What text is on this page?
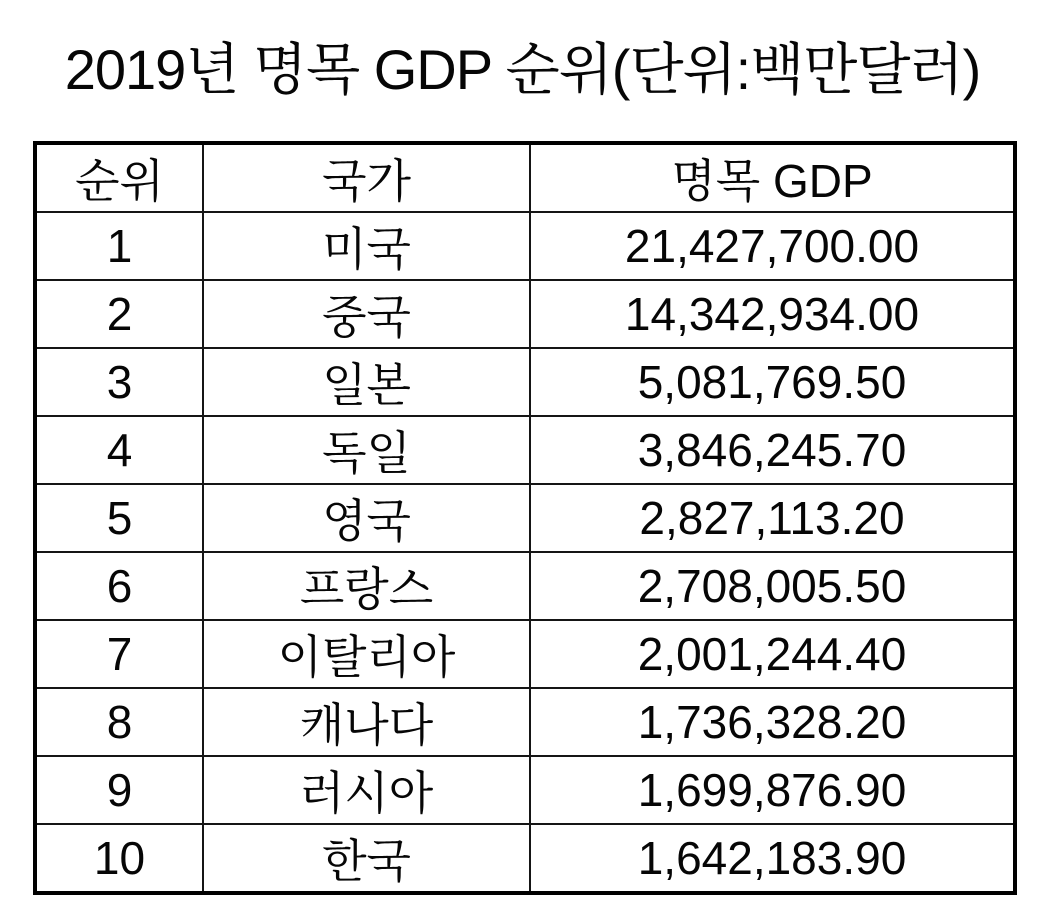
2019년 명목 GDP 순위(단위:백만달러)
순위	국가	명목 GDP
1	미국	21,427,700.00
2	중국	14,342,934.00
3	일본	5,081,769.50
4	독일	3,846,245.70
5	영국	2,827,113.20
6	프랑스	2,708,005.50
7	이탈리아	2,001,244.40
8	캐나다	1,736,328.20
9	러시아	1,699,876.90
10	한국	1,642,183.90
